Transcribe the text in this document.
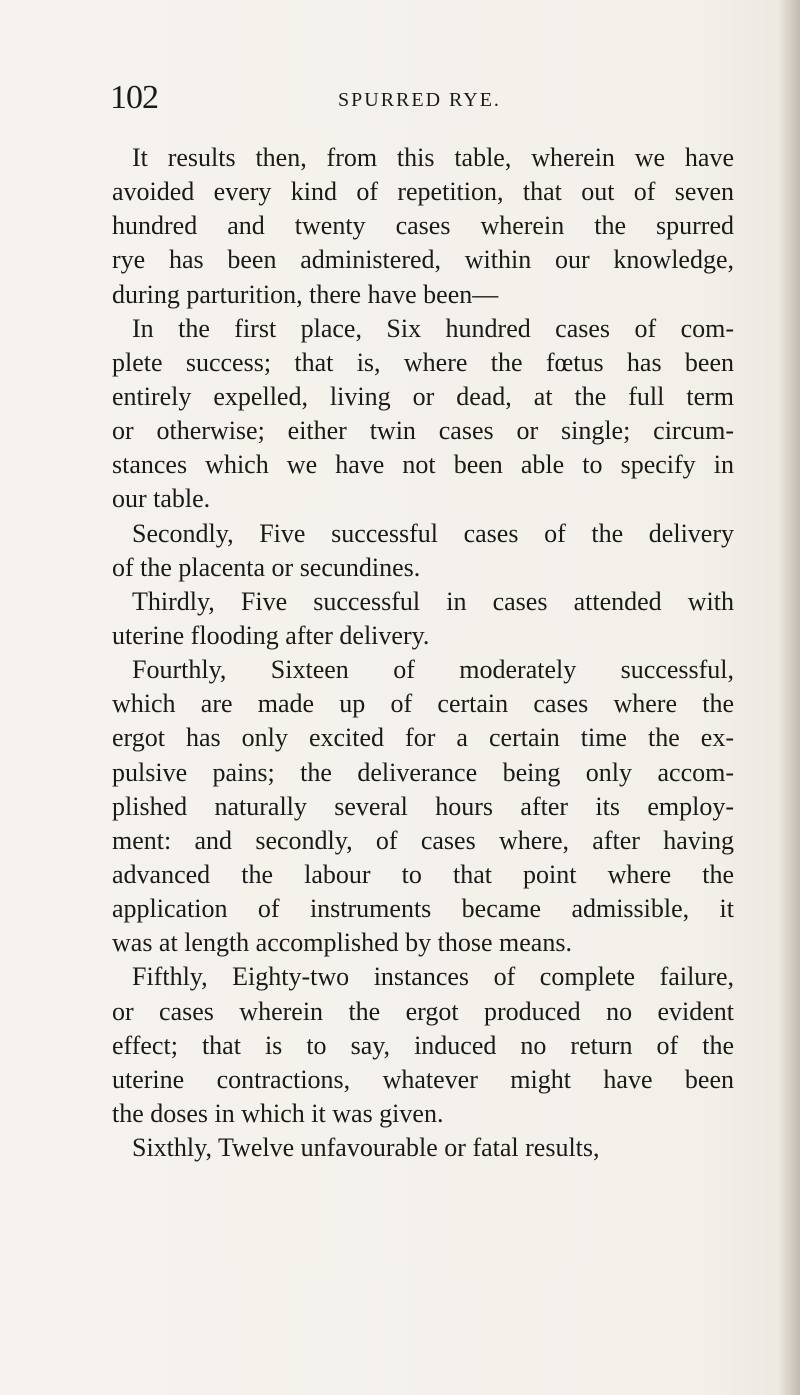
102	SPURRED RYE.
It results then, from this table, wherein we have
avoided every kind of repetition, that out of seven
hundred and twenty cases wherein the spurred
rye has been administered, within our knowledge,
during parturition, there have been—
In the first place, Six hundred cases of com-
plete success; that is, where the fœtus has been
entirely expelled, living or dead, at the full term
or otherwise; either twin cases or single; circum-
stances which we have not been able to specify in
our table.
Secondly, Five successful cases of the delivery
of the placenta or secundines.
Thirdly, Five successful in cases attended with
uterine flooding after delivery.
Fourthly, Sixteen of moderately successful,
which are made up of certain cases where the
ergot has only excited for a certain time the ex-
pulsive pains; the deliverance being only accom-
plished naturally several hours after its employ-
ment: and secondly, of cases where, after having
advanced the labour to that point where the
application of instruments became admissible, it
was at length accomplished by those means.
Fifthly, Eighty-two instances of complete failure,
or cases wherein the ergot produced no evident
effect; that is to say, induced no return of the
uterine contractions, whatever might have been
the doses in which it was given.
Sixthly, Twelve unfavourable or fatal results,
